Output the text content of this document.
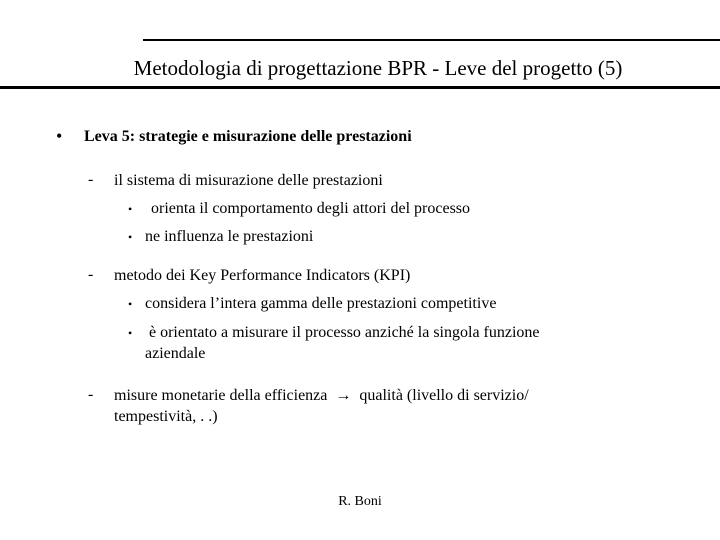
Metodologia di progettazione BPR - Leve del progetto (5)
• Leva 5: strategie e misurazione delle prestazioni
- il sistema di misurazione delle prestazioni
• orienta il comportamento degli attori del processo
• ne influenza le prestazioni
- metodo dei Key Performance Indicators (KPI)
• considera l’intera gamma delle prestazioni competitive
• è orientato a misurare il processo anziché la singola funzione
aziendale
- misure monetarie della efficienza → qualità (livello di servizio/
tempestività, . .)
R. Boni
